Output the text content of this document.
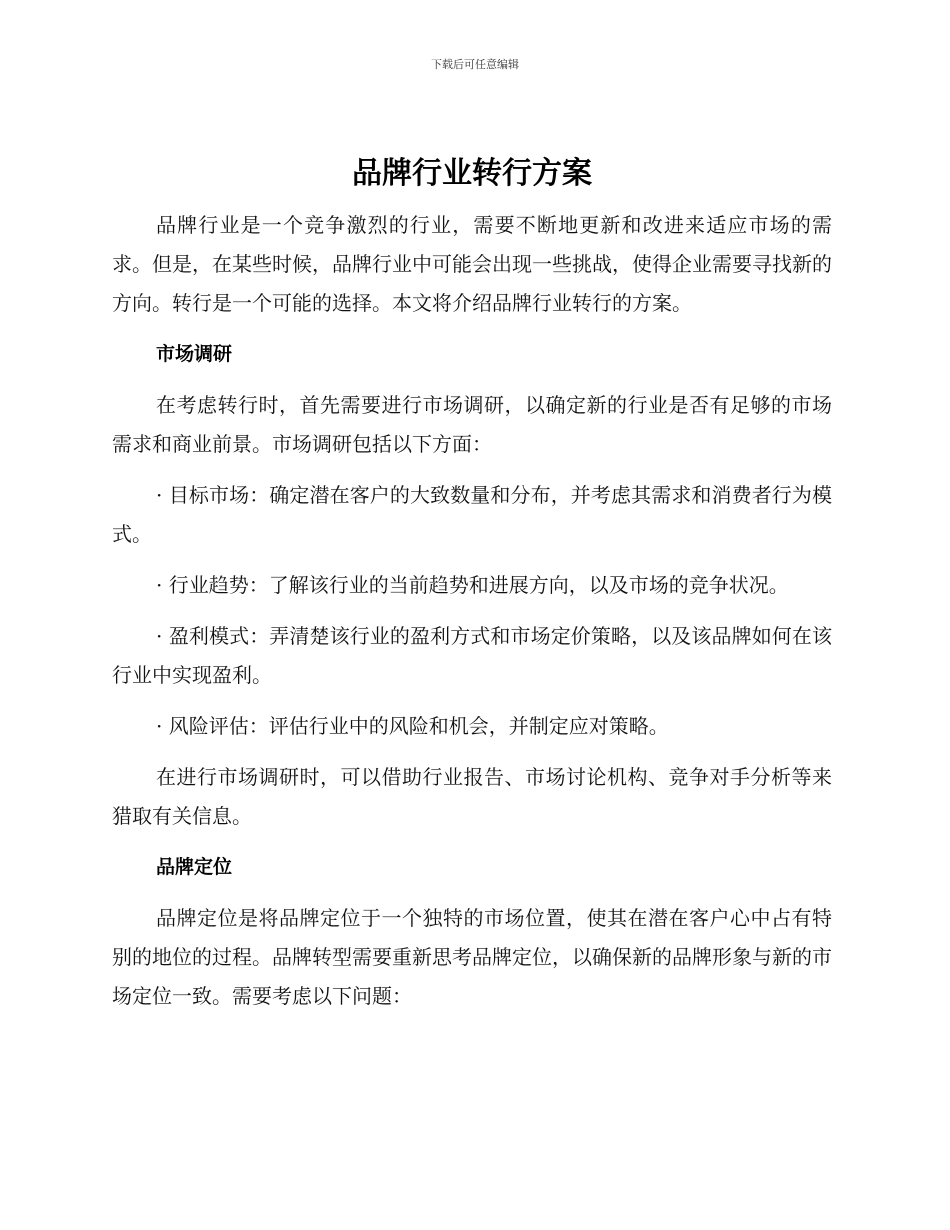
下载后可任意编辑
品牌行业转行方案

品牌行业是一个竞争激烈的行业，需要不断地更新和改进来适应市场的需求。但是，在某些时候，品牌行业中可能会出现一些挑战，使得企业需要寻找新的方向。转行是一个可能的选择。本文将介绍品牌行业转行的方案。

市场调研

在考虑转行时，首先需要进行市场调研，以确定新的行业是否有足够的市场需求和商业前景。市场调研包括以下方面：

· 目标市场：确定潜在客户的大致数量和分布，并考虑其需求和消费者行为模式。

· 行业趋势：了解该行业的当前趋势和进展方向，以及市场的竞争状况。

· 盈利模式：弄清楚该行业的盈利方式和市场定价策略，以及该品牌如何在该行业中实现盈利。

· 风险评估：评估行业中的风险和机会，并制定应对策略。

在进行市场调研时，可以借助行业报告、市场讨论机构、竞争对手分析等来猎取有关信息。

品牌定位

品牌定位是将品牌定位于一个独特的市场位置，使其在潜在客户心中占有特别的地位的过程。品牌转型需要重新思考品牌定位，以确保新的品牌形象与新的市场定位一致。需要考虑以下问题：
